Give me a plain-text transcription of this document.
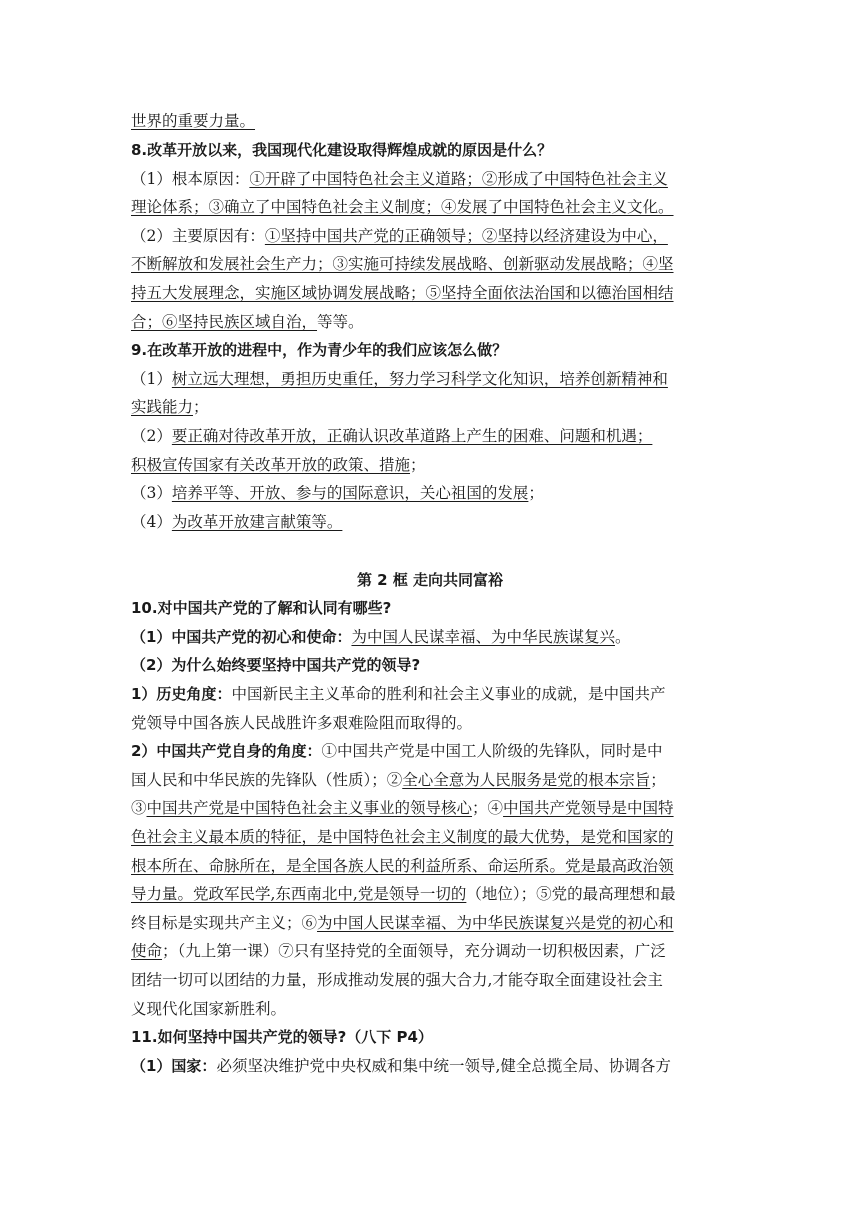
世界的重要力量。
8.改革开放以来，我国现代化建设取得辉煌成就的原因是什么？
（1）根本原因：①开辟了中国特色社会主义道路；②形成了中国特色社会主义
理论体系；③确立了中国特色社会主义制度；④发展了中国特色社会主义文化。
（2）主要原因有：①坚持中国共产党的正确领导；②坚持以经济建设为中心，
不断解放和发展社会生产力；③实施可持续发展战略、创新驱动发展战略；④坚
持五大发展理念，实施区域协调发展战略；⑤坚持全面依法治国和以德治国相结
合；⑥坚持民族区域自治，等等。
9.在改革开放的进程中，作为青少年的我们应该怎么做？
（1）树立远大理想，勇担历史重任，努力学习科学文化知识，培养创新精神和
实践能力；
（2）要正确对待改革开放，正确认识改革道路上产生的困难、问题和机遇；
积极宣传国家有关改革开放的政策、措施；
（3）培养平等、开放、参与的国际意识，关心祖国的发展；
（4）为改革开放建言献策等。
第 2 框 走向共同富裕
10.对中国共产党的了解和认同有哪些?
（1）中国共产党的初心和使命：为中国人民谋幸福、为中华民族谋复兴。
（2）为什么始终要坚持中国共产党的领导?
1）历史角度：中国新民主主义革命的胜利和社会主义事业的成就，是中国共产
党领导中国各族人民战胜许多艰难险阻而取得的。
2）中国共产党自身的角度：①中国共产党是中国工人阶级的先锋队，同时是中
国人民和中华民族的先锋队（性质）；②全心全意为人民服务是党的根本宗旨；
③中国共产党是中国特色社会主义事业的领导核心；④中国共产党领导是中国特
色社会主义最本质的特征，是中国特色社会主义制度的最大优势，是党和国家的
根本所在、命脉所在，是全国各族人民的利益所系、命运所系。党是最高政治领
导力量。党政军民学,东西南北中,党是领导一切的（地位）；⑤党的最高理想和最
终目标是实现共产主义；⑥为中国人民谋幸福、为中华民族谋复兴是党的初心和
使命；（九上第一课）⑦只有坚持党的全面领导，充分调动一切积极因素，广泛
团结一切可以团结的力量，形成推动发展的强大合力,才能夺取全面建设社会主
义现代化国家新胜利。
11.如何坚持中国共产党的领导?（八下 P4）
（1）国家：必须坚决维护党中央权威和集中统一领导,健全总揽全局、协调各方
